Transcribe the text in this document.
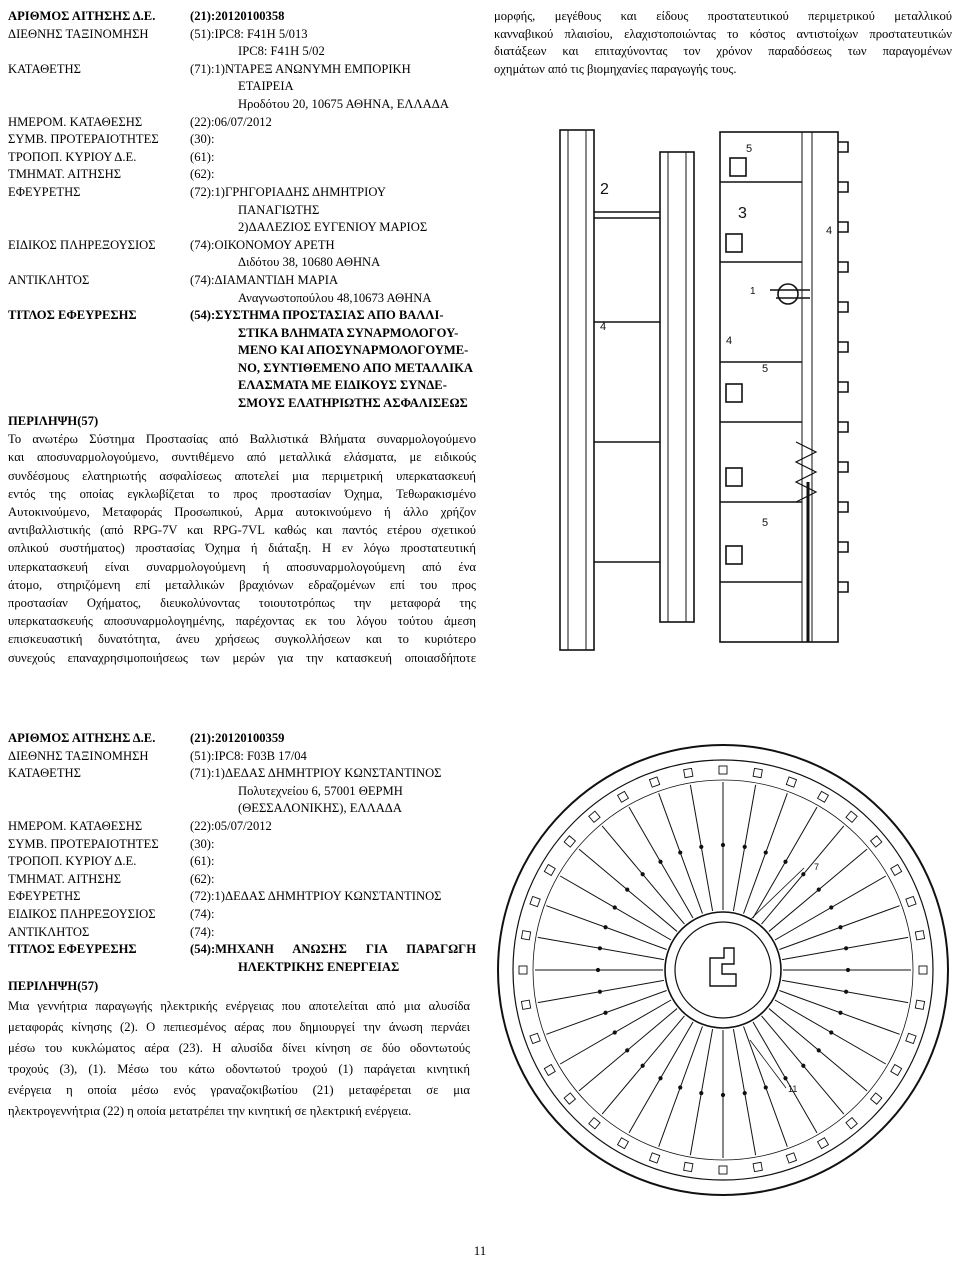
ΑΡΙΘΜΟΣ ΑΙΤΗΣΗΣ Δ.Ε.	(21):20120100358
ΔΙΕΘΝΗΣ ΤΑΞΙΝΟΜΗΣΗ	(51):IPC8: F41H 5/013
IPC8: F41H 5/02
ΚΑΤΑΘΕΤΗΣ	(71):1)ΝΤΑΡΕΞ ΑΝΩΝΥΜΗ ΕΜΠΟΡΙΚΗ
ΕΤΑΙΡΕΙΑ
Ηροδότου 20, 10675 ΑΘΗΝΑ, ΕΛΛΑΔΑ
ΗΜΕΡΟΜ. ΚΑΤΑΘΕΣΗΣ	(22):06/07/2012
ΣΥΜΒ. ΠΡΟΤΕΡΑΙΟΤΗΤΕΣ	(30):
ΤΡΟΠΟΠ. ΚΥΡΙΟΥ Δ.Ε.	(61):
ΤΜΗΜΑΤ. ΑΙΤΗΣΗΣ	(62):
ΕΦΕΥΡΕΤΗΣ	(72):1)ΓΡΗΓΟΡΙΑΔΗΣ ΔΗΜΗΤΡΙΟΥ
ΠΑΝΑΓΙΩΤΗΣ
2)ΔΑΛΕΖΙΟΣ ΕΥΓΕΝΙΟΥ ΜΑΡΙΟΣ
ΕΙΔΙΚΟΣ ΠΛΗΡΕΞΟΥΣΙΟΣ	(74):ΟΙΚΟΝΟΜΟΥ ΑΡΕΤΗ
Διδότου 38, 10680 ΑΘΗΝΑ
ΑΝΤΙΚΛΗΤΟΣ	(74):ΔΙΑΜΑΝΤΙΔΗ ΜΑΡΙΑ
Αναγνωστοπούλου 48,10673 ΑΘΗΝΑ
ΤΙΤΛΟΣ ΕΦΕΥΡΕΣΗΣ	(54):ΣΥΣΤΗΜΑ ΠΡΟΣΤΑΣΙΑΣ ΑΠΟ ΒΑΛΛΙ-
ΣΤΙΚΑ ΒΛΗΜΑΤΑ ΣΥΝΑΡΜΟΛΟΓΟΥ-
ΜΕΝΟ ΚΑΙ ΑΠΟΣΥΝΑΡΜΟΛΟΓΟΥΜΕ-
ΝΟ, ΣΥΝΤΙΘΕΜΕΝΟ ΑΠΟ ΜΕΤΑΛΛΙΚΑ
ΕΛΑΣΜΑΤΑ ΜΕ ΕΙΔΙΚΟΥΣ ΣΥΝΔΕ-
ΣΜΟΥΣ ΕΛΑΤΗΡΙΩΤΗΣ ΑΣΦΑΛΙΣΕΩΣ
ΠΕΡΙΛΗΨΗ(57)
Το ανωτέρω Σύστημα Προστασίας από Βαλλιστικά Βλήματα συναρμολογούμενο
και αποσυναρμολογούμενο, συντιθέμενο από μεταλλικά ελάσματα, με ειδικούς
συνδέσμους ελατηριωτής ασφαλίσεως αποτελεί μια περιμετρική υπερκατασκευή
εντός της οποίας εγκλωβίζεται το προς προστασίαν Όχημα, Τεθωρακισμένο
Αυτοκινούμενο, Μεταφοράς Προσωπικού, Αρμα αυτοκινούμενο ή άλλο χρήζον
αντιβαλλιστικής (από RPG-7V και RPG-7VL καθώς και παντός ετέρου σχετικού
οπλικού συστήματος) προστασίας Όχημα ή διάταξη. Η εν λόγω προστατευτική
υπερκατασκευή είναι συναρμολογούμενη ή αποσυναρμολογούμενη από ένα
άτομο, στηριζόμενη επί μεταλλικών βραχιόνων εδραζομένων επί του προς
προστασίαν Οχήματος, διευκολύνοντας τοιουτοτρόπως την μεταφορά της
υπερκατασκευής αποσυναρμολογημένης, παρέχοντας εκ του λόγου τούτου άμεση
επισκευαστική δυνατότητα, άνευ χρήσεως συγκολλήσεων και το κυριότερο
συνεχούς επαναχρησιμοποιήσεως των μερών για την κατασκευή οποιασδήποτε
μορφής, μεγέθους και είδους προστατευτικού περιμετρικού μεταλλικού
κανναβικού πλαισίου, ελαχιστοποιώντας το κόστος αντιστοίχων προστατευτικών
διατάξεων και επιταχύνοντας τον χρόνον παραδόσεως των παραγομένων
οχημάτων από τις βιομηχανίες παραγωγής τους.
2
3
4
5
4
5
4
5
1
ΑΡΙΘΜΟΣ ΑΙΤΗΣΗΣ Δ.Ε.	(21):20120100359
ΔΙΕΘΝΗΣ ΤΑΞΙΝΟΜΗΣΗ	(51):IPC8: F03B 17/04
ΚΑΤΑΘΕΤΗΣ	(71):1)ΔΕΔΑΣ ΔΗΜΗΤΡΙΟΥ ΚΩΝΣΤΑΝΤΙΝΟΣ
Πολυτεχνείου 6, 57001 ΘΕΡΜΗ
(ΘΕΣΣΑΛΟΝΙΚΗΣ), ΕΛΛΑΔΑ
ΗΜΕΡΟΜ. ΚΑΤΑΘΕΣΗΣ	(22):05/07/2012
ΣΥΜΒ. ΠΡΟΤΕΡΑΙΟΤΗΤΕΣ	(30):
ΤΡΟΠΟΠ. ΚΥΡΙΟΥ Δ.Ε.	(61):
ΤΜΗΜΑΤ. ΑΙΤΗΣΗΣ	(62):
ΕΦΕΥΡΕΤΗΣ	(72):1)ΔΕΔΑΣ ΔΗΜΗΤΡΙΟΥ ΚΩΝΣΤΑΝΤΙΝΟΣ
ΕΙΔΙΚΟΣ ΠΛΗΡΕΞΟΥΣΙΟΣ	(74):
ΑΝΤΙΚΛΗΤΟΣ	(74):
ΤΙΤΛΟΣ ΕΦΕΥΡΕΣΗΣ	(54):ΜΗΧΑΝΗ ΑΝΩΣΗΣ ΓΙΑ ΠΑΡΑΓΩΓΗ
ΗΛΕΚΤΡΙΚΗΣ ΕΝΕΡΓΕΙΑΣ
ΠΕΡΙΛΗΨΗ(57)
Μια γεννήτρια παραγωγής ηλεκτρικής ενέργειας που αποτελείται από μια αλυσίδα
μεταφοράς κίνησης (2). Ο πεπιεσμένος αέρας που δημιουργεί την άνωση περνάει
μέσω του κυκλώματος αέρα (23). Η αλυσίδα δίνει κίνηση σε δύο οδοντωτούς
τροχούς (3), (1). Μέσω του κάτω οδοντωτού τροχού (1) παράγεται κινητική
ενέργεια η οποία μέσω ενός γραναζοκιβωτίου (21) μεταφέρεται σε μια
ηλεκτρογεννήτρια (22) η οποία μετατρέπει την κινητική σε ηλεκτρική ενέργεια.
7
11
11
